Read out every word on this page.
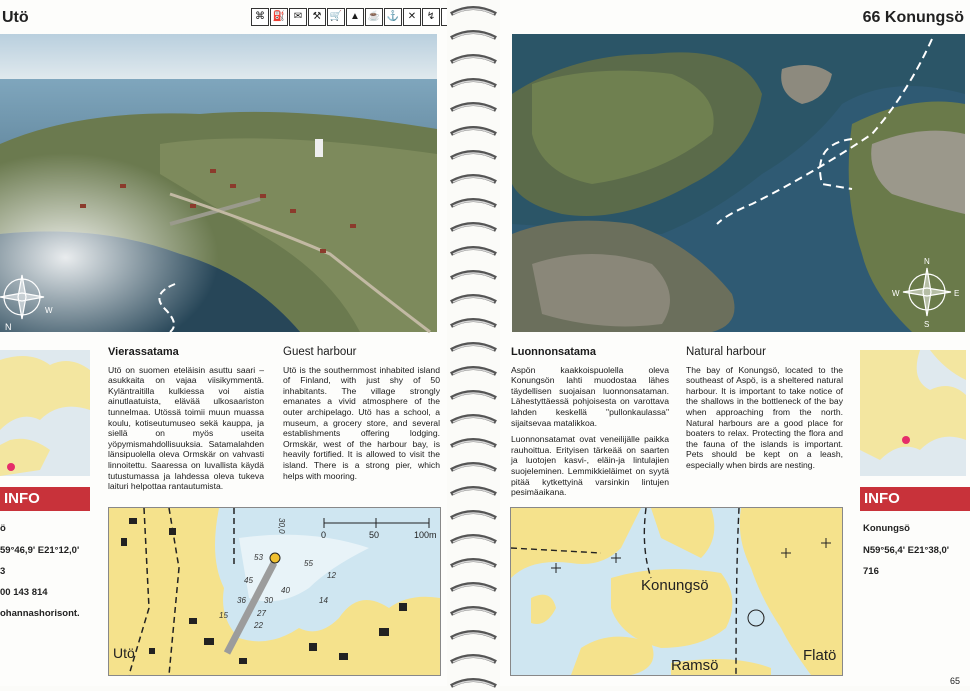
Utö	⌘ ⛽ ✉	⚒ 🛒 ▲ ☕ ⚓ ✕	↯
N
W
Vierassatama

Utö on suomen eteläisin asuttu saari – asukkaita on vajaa viisikymmentä. Kyläntraitilla kulkiessa voi aistia ainutlaatuista, elävää ulkosaariston tunnelmaa. Utössä toimii muun muassa koulu, kotiseutumuseo sekä kauppa, ja siellä on myös useita yöpymismahdollisuuksia. Satamalahden länsipuolella oleva Ormskär on vahvasti linnoitettu. Saaressa on luvallista käydä tutustumassa ja lahdessa oleva tukeva laituri helpottaa rantautumista.

Guest harbour

Utö is the southernmost inhabited island of Finland, with just shy of 50 inhabitants. The village strongly emanates a vivid atmosphere of the outer archipelago. Utö has a school, a museum, a grocery store, and several establishments offering lodging. Ormskär, west of the harbour bay, is heavily fortified. It is allowed to visit the island. There is a strong pier, which helps with mooring.

INFO
ö
59°46,9' E21°12,0'
3
00 143 814
ohannashorisont.
53
45
36 30
27
22
15
40
55
12
14
30,0
0	50	100m
Utö
66 Konungsö
N
W	E
S
Luonnonsatama

Aspön kaakkoispuolella oleva Konungsön lahti muodostaa lähes täydellisen suojaisan luonnonsataman. Lähestyttäessä pohjoisesta on varottava lahden keskellä "pullonkaulassa" sijaitsevaa matalikkoa.

Luonnonsatamat ovat veneilijälle paikka rauhoittua. Erityisen tärkeää on saarten ja luotojen kasvi-, eläin-ja lintulajien suojeleminen. Lemmikkieläimet on syytä pitää kytkettyinä varsinkin lintujen pesimäaikana.

Natural harbour

The bay of Konungsö, located to the southeast of Aspö, is a sheltered natural harbour. It is important to take notice of the shallows in the bottleneck of the bay when approaching from the north. Natural harbours are a good place for boaters to relax. Protecting the flora and the fauna of the islands is important. Pets should be kept on a leash, especially when birds are nesting.

INFO
Konungsö
N59°56,4' E21°38,0'
716
Konungsö
Ramsö
Flatö
65
